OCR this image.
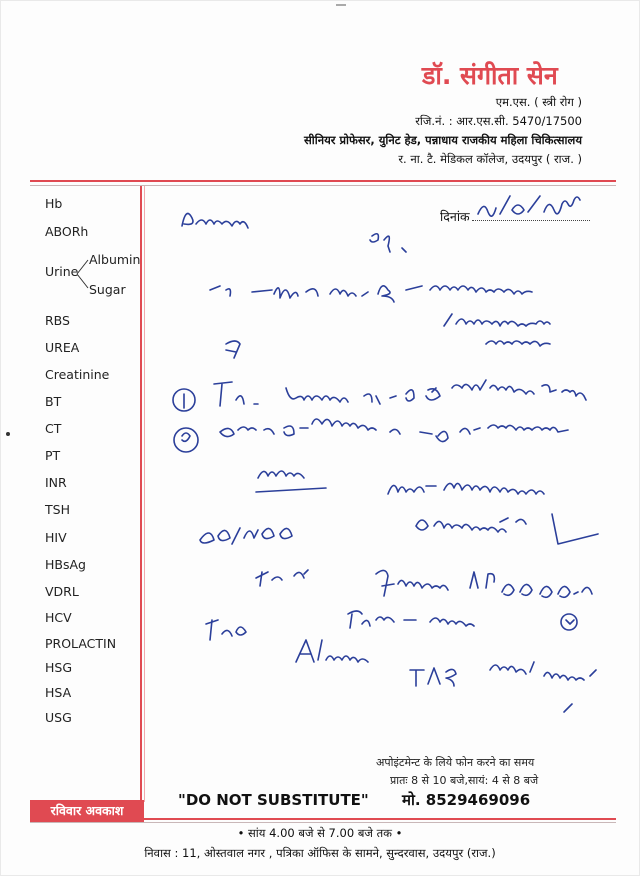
डॉ. संगीता सेन
एम.एस. ( स्त्री रोग )
रजि.नं. : आर.एस.सी. 5470/17500
सीनियर प्रोफेसर, युनिट हेड, पन्नाधाय राजकीय महिला चिकित्सालय
र. ना. टै. मेडिकल कॉलेज, उदयपुर ( राज. )
Hb
ABORh
Urine
Albumin
Sugar
RBS
UREA
Creatinine
BT
CT
PT
INR
TSH
HIV
HBsAg
VDRL
HCV
PROLACTIN
HSG
HSA
USG
दिनांक
अपोइंटमेन्ट के लिये फोन करने का समय
प्रातः 8 से 10 बजे,सायं: 4 से 8 बजे
"DO NOT SUBSTITUTE" मो. 8529469096
रविवार अवकाश
• सांय 4.00 बजे से 7.00 बजे तक •
निवास : 11, ओस्तवाल नगर , पत्रिका ऑफिस के सामने, सुन्दरवास, उदयपुर (राज.)
